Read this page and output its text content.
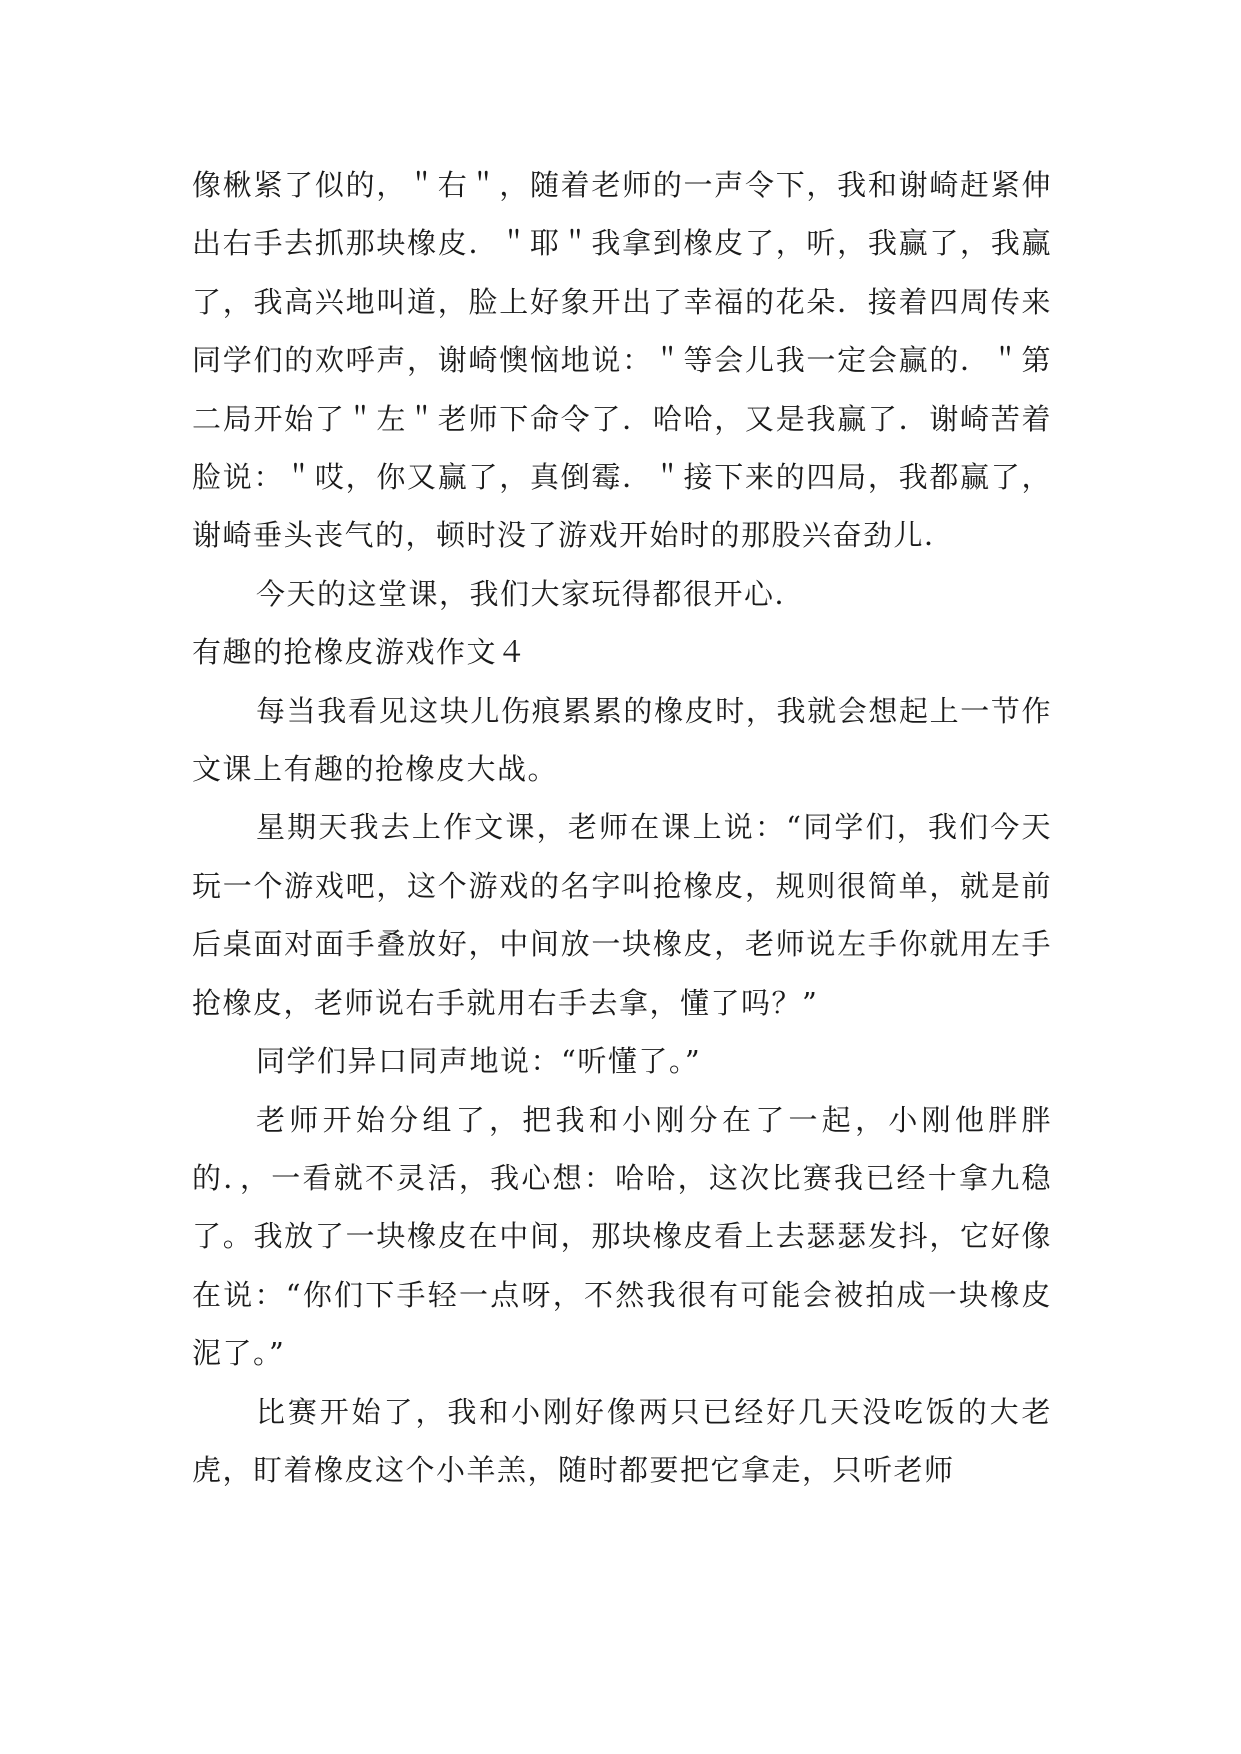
像楸紧了似的，＂右＂，随着老师的一声令下，我和谢崎赶紧伸出右手去抓那块橡皮．＂耶＂我拿到橡皮了，听，我赢了，我赢了，我高兴地叫道，脸上好象开出了幸福的花朵．接着四周传来同学们的欢呼声，谢崎懊恼地说：＂等会儿我一定会赢的．＂第二局开始了＂左＂老师下命令了．哈哈，又是我赢了．谢崎苦着脸说：＂哎，你又赢了，真倒霉．＂接下来的四局，我都赢了，谢崎垂头丧气的，顿时没了游戏开始时的那股兴奋劲儿．

今天的这堂课，我们大家玩得都很开心．

有趣的抢橡皮游戏作文４

每当我看见这块儿伤痕累累的橡皮时，我就会想起上一节作文课上有趣的抢橡皮大战。

星期天我去上作文课，老师在课上说：“同学们，我们今天玩一个游戏吧，这个游戏的名字叫抢橡皮，规则很简单，就是前后桌面对面手叠放好，中间放一块橡皮，老师说左手你就用左手抢橡皮，老师说右手就用右手去拿，懂了吗？”

同学们异口同声地说：“听懂了。”

老师开始分组了，把我和小刚分在了一起，小刚他胖胖的．，一看就不灵活，我心想：哈哈，这次比赛我已经十拿九稳了。我放了一块橡皮在中间，那块橡皮看上去瑟瑟发抖，它好像在说：“你们下手轻一点呀，不然我很有可能会被拍成一块橡皮泥了。”

比赛开始了，我和小刚好像两只已经好几天没吃饭的大老虎，盯着橡皮这个小羊羔，随时都要把它拿走，只听老师
